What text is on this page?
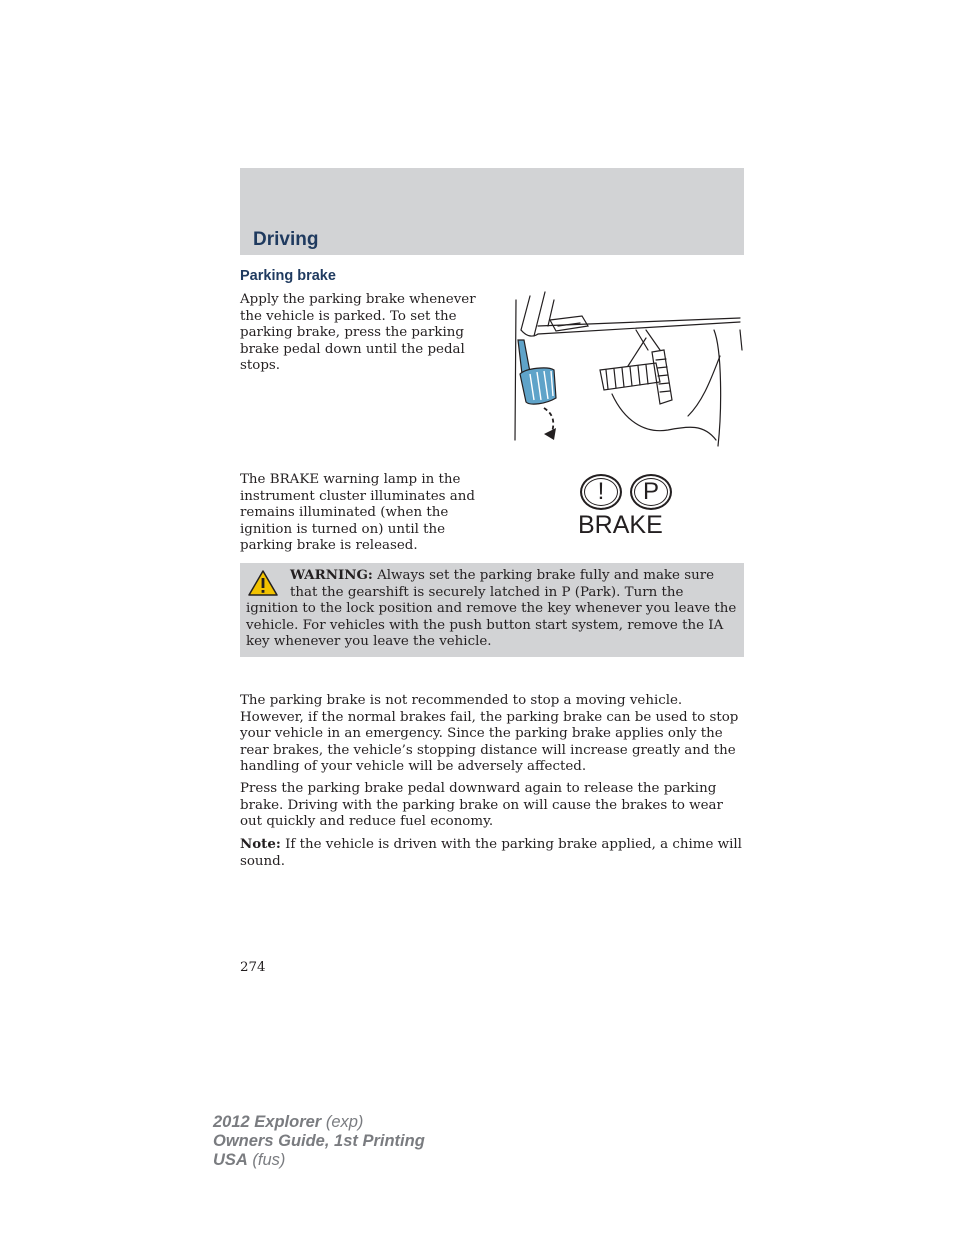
Driving
Parking brake

Apply the parking brake whenever the vehicle is parked. To set the parking brake, press the parking brake pedal down until the pedal stops.

The BRAKE warning lamp in the instrument cluster illuminates and remains illuminated (when the ignition is turned on) until the parking brake is released.

!	P
BRAKE
WARNING: Always set the parking brake fully and make sure that the gearshift is securely latched in P (Park). Turn the ignition to the lock position and remove the key whenever you leave the vehicle. For vehicles with the push button start system, remove the IA key whenever you leave the vehicle.

The parking brake is not recommended to stop a moving vehicle. However, if the normal brakes fail, the parking brake can be used to stop your vehicle in an emergency. Since the parking brake applies only the rear brakes, the vehicle’s stopping distance will increase greatly and the handling of your vehicle will be adversely affected.

Press the parking brake pedal downward again to release the parking brake. Driving with the parking brake on will cause the brakes to wear out quickly and reduce fuel economy.

Note: If the vehicle is driven with the parking brake applied, a chime will sound.

274

2012 Explorer (exp)
Owners Guide, 1st Printing
USA (fus)
